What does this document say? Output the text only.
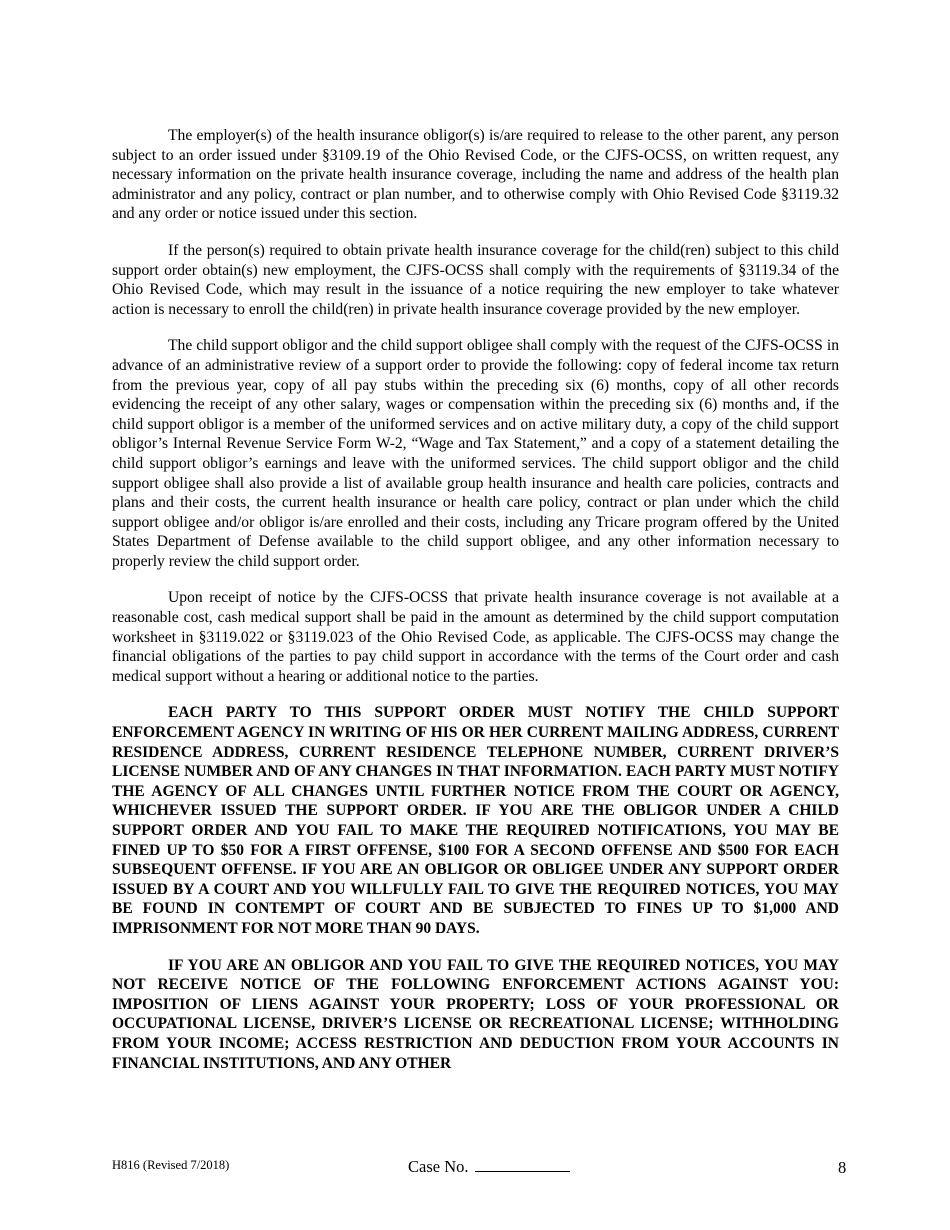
The employer(s) of the health insurance obligor(s) is/are required to release to the other parent, any person subject to an order issued under §3109.19 of the Ohio Revised Code, or the CJFS-OCSS, on written request, any necessary information on the private health insurance coverage, including the name and address of the health plan administrator and any policy, contract or plan number, and to otherwise comply with Ohio Revised Code §3119.32 and any order or notice issued under this section.

If the person(s) required to obtain private health insurance coverage for the child(ren) subject to this child support order obtain(s) new employment, the CJFS-OCSS shall comply with the requirements of §3119.34 of the Ohio Revised Code, which may result in the issuance of a notice requiring the new employer to take whatever action is necessary to enroll the child(ren) in private health insurance coverage provided by the new employer.

The child support obligor and the child support obligee shall comply with the request of the CJFS-OCSS in advance of an administrative review of a support order to provide the following: copy of federal income tax return from the previous year, copy of all pay stubs within the preceding six (6) months, copy of all other records evidencing the receipt of any other salary, wages or compensation within the preceding six (6) months and, if the child support obligor is a member of the uniformed services and on active military duty, a copy of the child support obligor’s Internal Revenue Service Form W-2, “Wage and Tax Statement,” and a copy of a statement detailing the child support obligor’s earnings and leave with the uniformed services. The child support obligor and the child support obligee shall also provide a list of available group health insurance and health care policies, contracts and plans and their costs, the current health insurance or health care policy, contract or plan under which the child support obligee and/or obligor is/are enrolled and their costs, including any Tricare program offered by the United States Department of Defense available to the child support obligee, and any other information necessary to properly review the child support order.

Upon receipt of notice by the CJFS-OCSS that private health insurance coverage is not available at a reasonable cost, cash medical support shall be paid in the amount as determined by the child support computation worksheet in §3119.022 or §3119.023 of the Ohio Revised Code, as applicable. The CJFS-OCSS may change the financial obligations of the parties to pay child support in accordance with the terms of the Court order and cash medical support without a hearing or additional notice to the parties.

EACH PARTY TO THIS SUPPORT ORDER MUST NOTIFY THE CHILD SUPPORT ENFORCEMENT AGENCY IN WRITING OF HIS OR HER CURRENT MAILING ADDRESS, CURRENT RESIDENCE ADDRESS, CURRENT RESIDENCE TELEPHONE NUMBER, CURRENT DRIVER’S LICENSE NUMBER AND OF ANY CHANGES IN THAT INFORMATION. EACH PARTY MUST NOTIFY THE AGENCY OF ALL CHANGES UNTIL FURTHER NOTICE FROM THE COURT OR AGENCY, WHICHEVER ISSUED THE SUPPORT ORDER. IF YOU ARE THE OBLIGOR UNDER A CHILD SUPPORT ORDER AND YOU FAIL TO MAKE THE REQUIRED NOTIFICATIONS, YOU MAY BE FINED UP TO $50 FOR A FIRST OFFENSE, $100 FOR A SECOND OFFENSE AND $500 FOR EACH SUBSEQUENT OFFENSE. IF YOU ARE AN OBLIGOR OR OBLIGEE UNDER ANY SUPPORT ORDER ISSUED BY A COURT AND YOU WILLFULLY FAIL TO GIVE THE REQUIRED NOTICES, YOU MAY BE FOUND IN CONTEMPT OF COURT AND BE SUBJECTED TO FINES UP TO $1,000 AND IMPRISONMENT FOR NOT MORE THAN 90 DAYS.

IF YOU ARE AN OBLIGOR AND YOU FAIL TO GIVE THE REQUIRED NOTICES, YOU MAY NOT RECEIVE NOTICE OF THE FOLLOWING ENFORCEMENT ACTIONS AGAINST YOU: IMPOSITION OF LIENS AGAINST YOUR PROPERTY; LOSS OF YOUR PROFESSIONAL OR OCCUPATIONAL LICENSE, DRIVER’S LICENSE OR RECREATIONAL LICENSE; WITHHOLDING FROM YOUR INCOME; ACCESS RESTRICTION AND DEDUCTION FROM YOUR ACCOUNTS IN FINANCIAL INSTITUTIONS, AND ANY OTHER

H816 (Revised 7/2018)	Case No.	8
